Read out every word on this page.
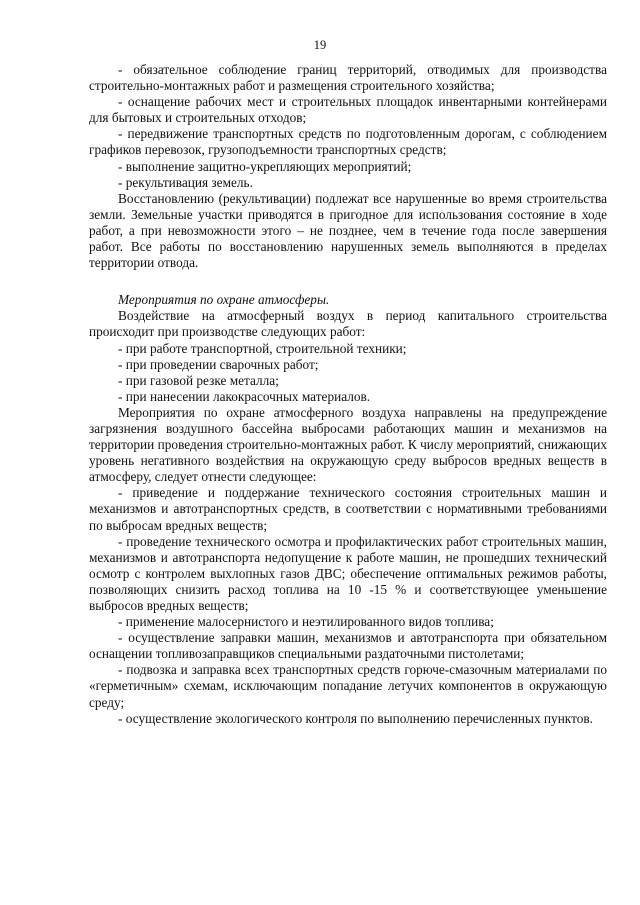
19

- обязательное соблюдение границ территорий, отводимых для производства строительно-монтажных работ и размещения строительного хозяйства;

- оснащение рабочих мест и строительных площадок инвентарными контейнерами для бытовых и строительных отходов;

- передвижение транспортных средств по подготовленным дорогам, с соблюдением графиков перевозок, грузоподъемности транспортных средств;

- выполнение защитно-укрепляющих мероприятий;

- рекультивация земель.

Восстановлению (рекультивации) подлежат все нарушенные во время строительства земли. Земельные участки приводятся в пригодное для использования состояние в ходе работ, а при невозможности этого – не позднее, чем в течение года после завершения работ. Все работы по восстановлению нарушенных земель выполняются в пределах территории отвода.

Мероприятия по охране атмосферы.

Воздействие на атмосферный воздух в период капитального строительства происходит при производстве следующих работ:

- при работе транспортной, строительной техники;

- при проведении сварочных работ;

- при газовой резке металла;

- при нанесении лакокрасочных материалов.

Мероприятия по охране атмосферного воздуха направлены на предупреждение загрязнения воздушного бассейна выбросами работающих машин и механизмов на территории проведения строительно-монтажных работ. К числу мероприятий, снижающих уровень негативного воздействия на окружающую среду выбросов вредных веществ в атмосферу, следует отнести следующее:

- приведение и поддержание технического состояния строительных машин и механизмов и автотранспортных средств, в соответствии с нормативными требованиями по выбросам вредных веществ;

- проведение технического осмотра и профилактических работ строительных машин, механизмов и автотранспорта недопущение к работе машин, не прошедших технический осмотр с контролем выхлопных газов ДВС; обеспечение оптимальных режимов работы, позволяющих снизить расход топлива на 10 -15 % и соответствующее уменьшение выбросов вредных веществ;

- применение малосернистого и неэтилированного видов топлива;

- осуществление заправки машин, механизмов и автотранспорта при обязательном оснащении топливозаправщиков специальными раздаточными пистолетами;

- подвозка и заправка всех транспортных средств горюче-смазочным материалами по «герметичным» схемам, исключающим попадание летучих компонентов в окружающую среду;

- осуществление экологического контроля по выполнению перечисленных пунктов.
